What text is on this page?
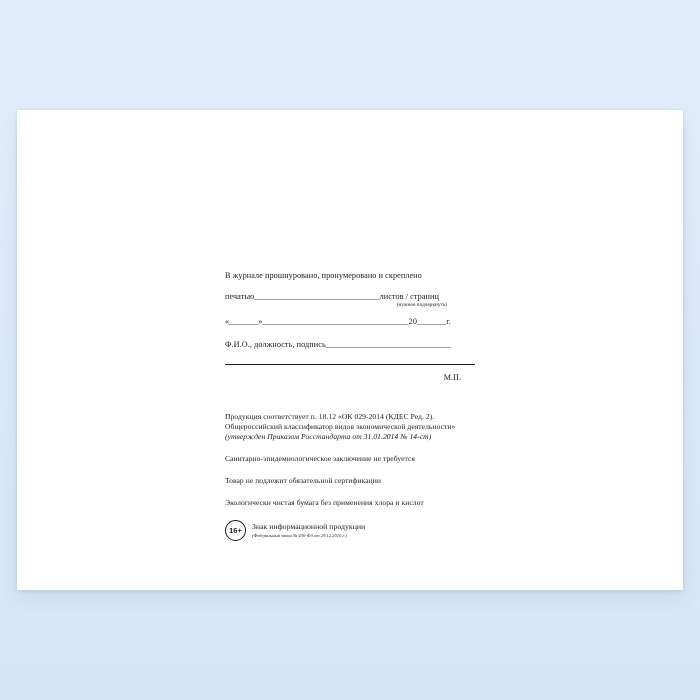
В журнале прошнуровано, пронумеровано и скреплено
печатью______________________________листов / страниц
(нужное подчеркнуть)
«_______»___________________________________20_______г.
Ф.И.О., должность, подпись______________________________
М.П.
Продукция соответствует п. 18.12 «ОК 029-2014 (КДЕС Ред. 2).
Общероссийский классификатор видов экономической деятельности»
(утвержден Приказом Росстандарта от 31.01.2014 № 14-ст)
Санитарно-эпидемиологическое заключение не требуется
Товар не подлежит обязательной сертификации
Экологически чистая бумага без применения хлора и кислот
16+	Знак информационной продукции
(Федеральный закон № 436-ФЗ от 29.12.2010 г.)
